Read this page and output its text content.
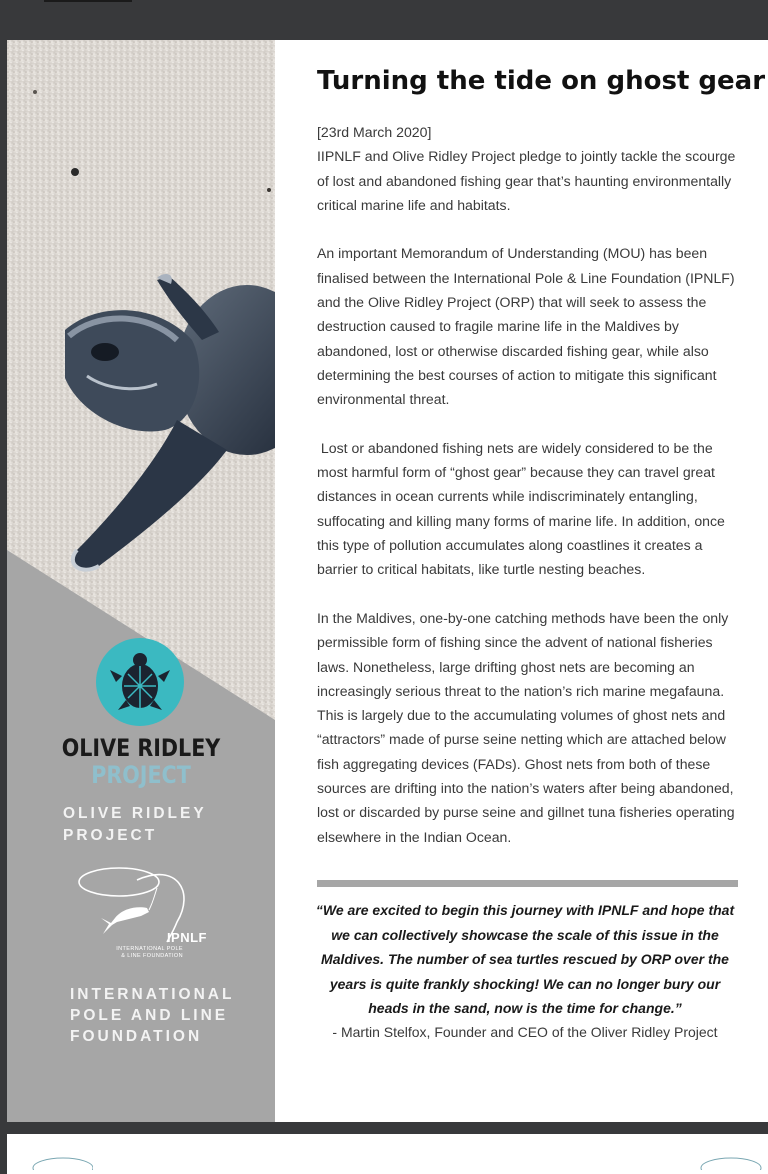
OLIVE RIDLEY
PROJECT
OLIVE RIDLEY
PROJECT
IPNLF
INTERNATIONAL POLE
& LINE FOUNDATION
INTERNATIONAL
POLE AND LINE
FOUNDATION
Turning the tide on ghost gear

[23rd March 2020]
IIPNLF and Olive Ridley Project pledge to jointly tackle the scourge of lost and abandoned fishing gear that’s haunting environmentally critical marine life and habitats.

An important Memorandum of Understanding (MOU) has been finalised between the International Pole & Line Foundation (IPNLF) and the Olive Ridley Project (ORP) that will seek to assess the destruction caused to fragile marine life in the Maldives by abandoned, lost or otherwise discarded fishing gear, while also determining the best courses of action to mitigate this significant environmental threat.

Lost or abandoned fishing nets are widely considered to be the most harmful form of “ghost gear” because they can travel great distances in ocean currents while indiscriminately entangling, suffocating and killing many forms of marine life. In addition, once this type of pollution accumulates along coastlines it creates a barrier to critical habitats, like turtle nesting beaches.

In the Maldives, one-by-one catching methods have been the only permissible form of fishing since the advent of national fisheries laws. Nonetheless, large drifting ghost nets are becoming an increasingly serious threat to the nation’s rich marine megafauna. This is largely due to the accumulating volumes of ghost nets and “attractors” made of purse seine netting which are attached below fish aggregating devices (FADs). Ghost nets from both of these sources are drifting into the nation’s waters after being abandoned, lost or discarded by purse seine and gillnet tuna fisheries operating elsewhere in the Indian Ocean.

“We are excited to begin this journey with IPNLF and hope that we can collectively showcase the scale of this issue in the Maldives. The number of sea turtles rescued by ORP over the years is quite frankly shocking! We can no longer bury our heads in the sand, now is the time for change.”
- Martin Stelfox, Founder and CEO of the Oliver Ridley Project
